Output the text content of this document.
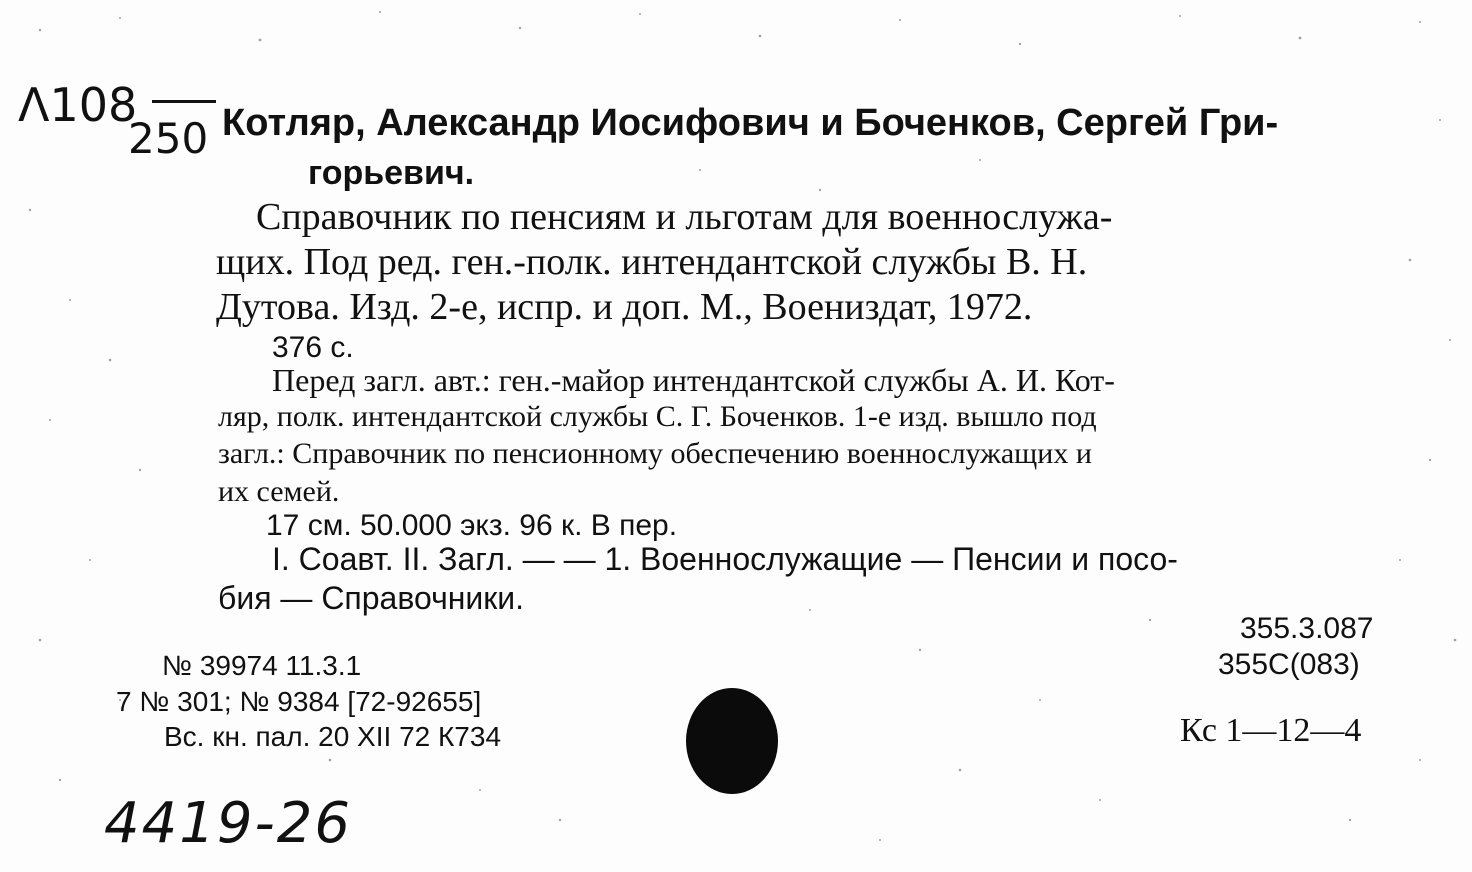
Λ108
250 Котляр, Александр Иосифович и Боченков, Сергей Гри-
горьевич.
Справочник по пенсиям и льготам для военнослужа-
щих. Под ред. ген.-полк. интендантской службы В. Н.
Дутова. Изд. 2-е, испр. и доп. М., Воениздат, 1972.
376 с.
Перед загл. авт.: ген.-майор интендантской службы А. И. Кот-
ляр, полк. интендантской службы С. Г. Боченков. 1-е изд. вышло под
загл.: Справочник по пенсионному обеспечению военнослужащих и
их семей.
17 см. 50.000 экз. 96 к. В пер.
I. Соавт. II. Загл. — — 1. Военнослужащие — Пенсии и посо-
бия — Справочники.
355.3.087
355С(083)
№ 39974 11.3.1
7 № 301; № 9384 [72-92655]
Вс. кн. пал. 20 XII 72 К734	Кс 1—12—4
4419-26
